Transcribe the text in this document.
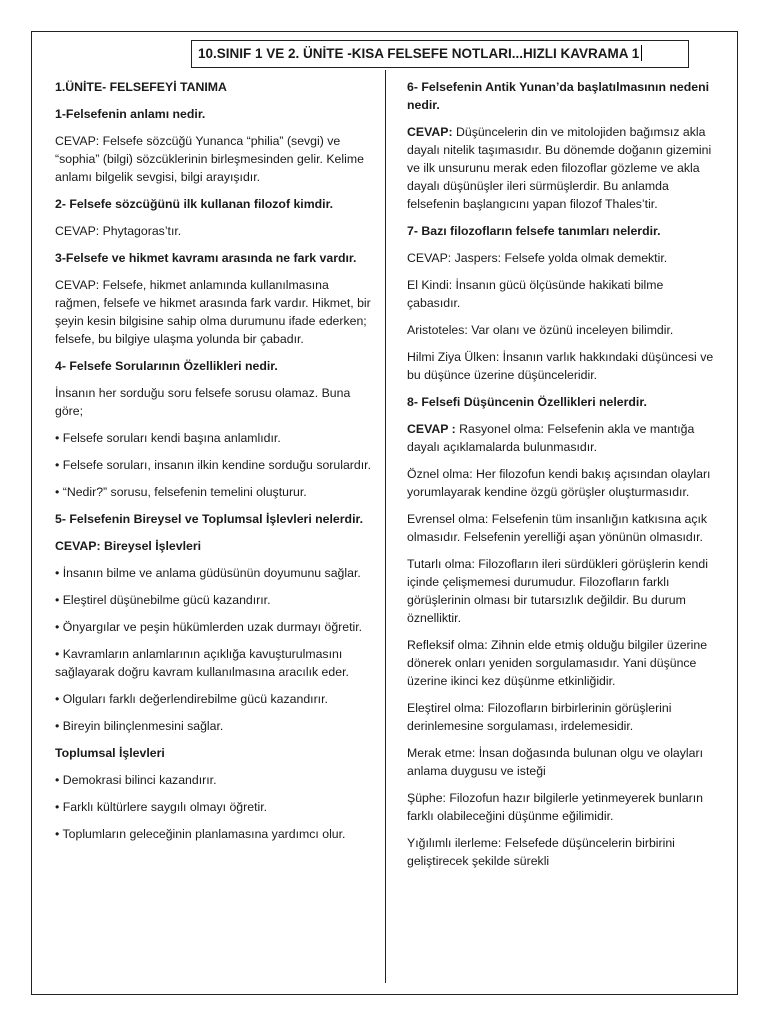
10.SINIF 1 VE 2. ÜNİTE -KISA FELSEFE NOTLARI...HIZLI KAVRAMA 1

1.ÜNİTE- FELSEFEYİ TANIMA

1-Felsefenin anlamı nedir.

CEVAP: Felsefe sözcüğü Yunanca “philia” (sevgi) ve “sophia” (bilgi) sözcüklerinin birleşmesinden gelir. Kelime anlamı bilgelik sevgisi, bilgi arayışıdır.

2- Felsefe sözcüğünü ilk kullanan filozof kimdir.

CEVAP: Phytagoras’tır.

3-Felsefe ve hikmet kavramı arasında ne fark vardır.

CEVAP: Felsefe, hikmet anlamında kullanılmasına rağmen, felsefe ve hikmet arasında fark vardır. Hikmet, bir şeyin kesin bilgisine sahip olma durumunu ifade ederken; felsefe, bu bilgiye ulaşma yolunda bir çabadır.

4- Felsefe Sorularının Özellikleri nedir.

İnsanın her sorduğu soru felsefe sorusu olamaz. Buna göre;

• Felsefe soruları kendi başına anlamlıdır.

• Felsefe soruları, insanın ilkin kendine sorduğu sorulardır.

• “Nedir?” sorusu, felsefenin temelini oluşturur.

5- Felsefenin Bireysel ve Toplumsal İşlevleri nelerdir.

CEVAP: Bireysel İşlevleri

• İnsanın bilme ve anlama güdüsünün doyumunu sağlar.

• Eleştirel düşünebilme gücü kazandırır.

• Önyargılar ve peşin hükümlerden uzak durmayı öğretir.

• Kavramların anlamlarının açıklığa kavuşturulmasını sağlayarak doğru kavram kullanılmasına aracılık eder.

• Olguları farklı değerlendirebilme gücü kazandırır.

• Bireyin bilinçlenmesini sağlar.

Toplumsal İşlevleri

• Demokrasi bilinci kazandırır.

• Farklı kültürlere saygılı olmayı öğretir.

• Toplumların geleceğinin planlamasına yardımcı olur.

6- Felsefenin Antik Yunan’da başlatılmasının nedeni nedir.

CEVAP: Düşüncelerin din ve mitolojiden bağımsız akla dayalı nitelik taşımasıdır. Bu dönemde doğanın gizemini ve ilk unsurunu merak eden filozoflar gözleme ve akla dayalı düşünüşler ileri sürmüşlerdir. Bu anlamda felsefenin başlangıcını yapan filozof Thales’tir.

7- Bazı filozofların felsefe tanımları nelerdir.

CEVAP: Jaspers: Felsefe yolda olmak demektir.

El Kindi: İnsanın gücü ölçüsünde hakikati bilme çabasıdır.

Aristoteles: Var olanı ve özünü inceleyen bilimdir.

Hilmi Ziya Ülken: İnsanın varlık hakkındaki düşüncesi ve bu düşünce üzerine düşünceleridir.

8- Felsefi Düşüncenin Özellikleri nelerdir.

CEVAP : Rasyonel olma: Felsefenin akla ve mantığa dayalı açıklamalarda bulunmasıdır.

Öznel olma: Her filozofun kendi bakış açısından olayları yorumlayarak kendine özgü görüşler oluşturmasıdır.

Evrensel olma: Felsefenin tüm insanlığın katkısına açık olmasıdır. Felsefenin yerelliği aşan yönünün olmasıdır.

Tutarlı olma: Filozofların ileri sürdükleri görüşlerin kendi içinde çelişmemesi durumudur. Filozofların farklı görüşlerinin olması bir tutarsızlık değildir. Bu durum öznelliktir.

Refleksif olma: Zihnin elde etmiş olduğu bilgiler üzerine dönerek onları yeniden sorgulamasıdır. Yani düşünce üzerine ikinci kez düşünme etkinliğidir.

Eleştirel olma: Filozofların birbirlerinin görüşlerini derinlemesine sorgulaması, irdelemesidir.

Merak etme: İnsan doğasında bulunan olgu ve olayları anlama duygusu ve isteği

Şüphe: Filozofun hazır bilgilerle yetinmeyerek bunların farklı olabileceğini düşünme eğilimidir.

Yığılımlı ilerleme: Felsefede düşüncelerin birbirini geliştirecek şekilde sürekli
